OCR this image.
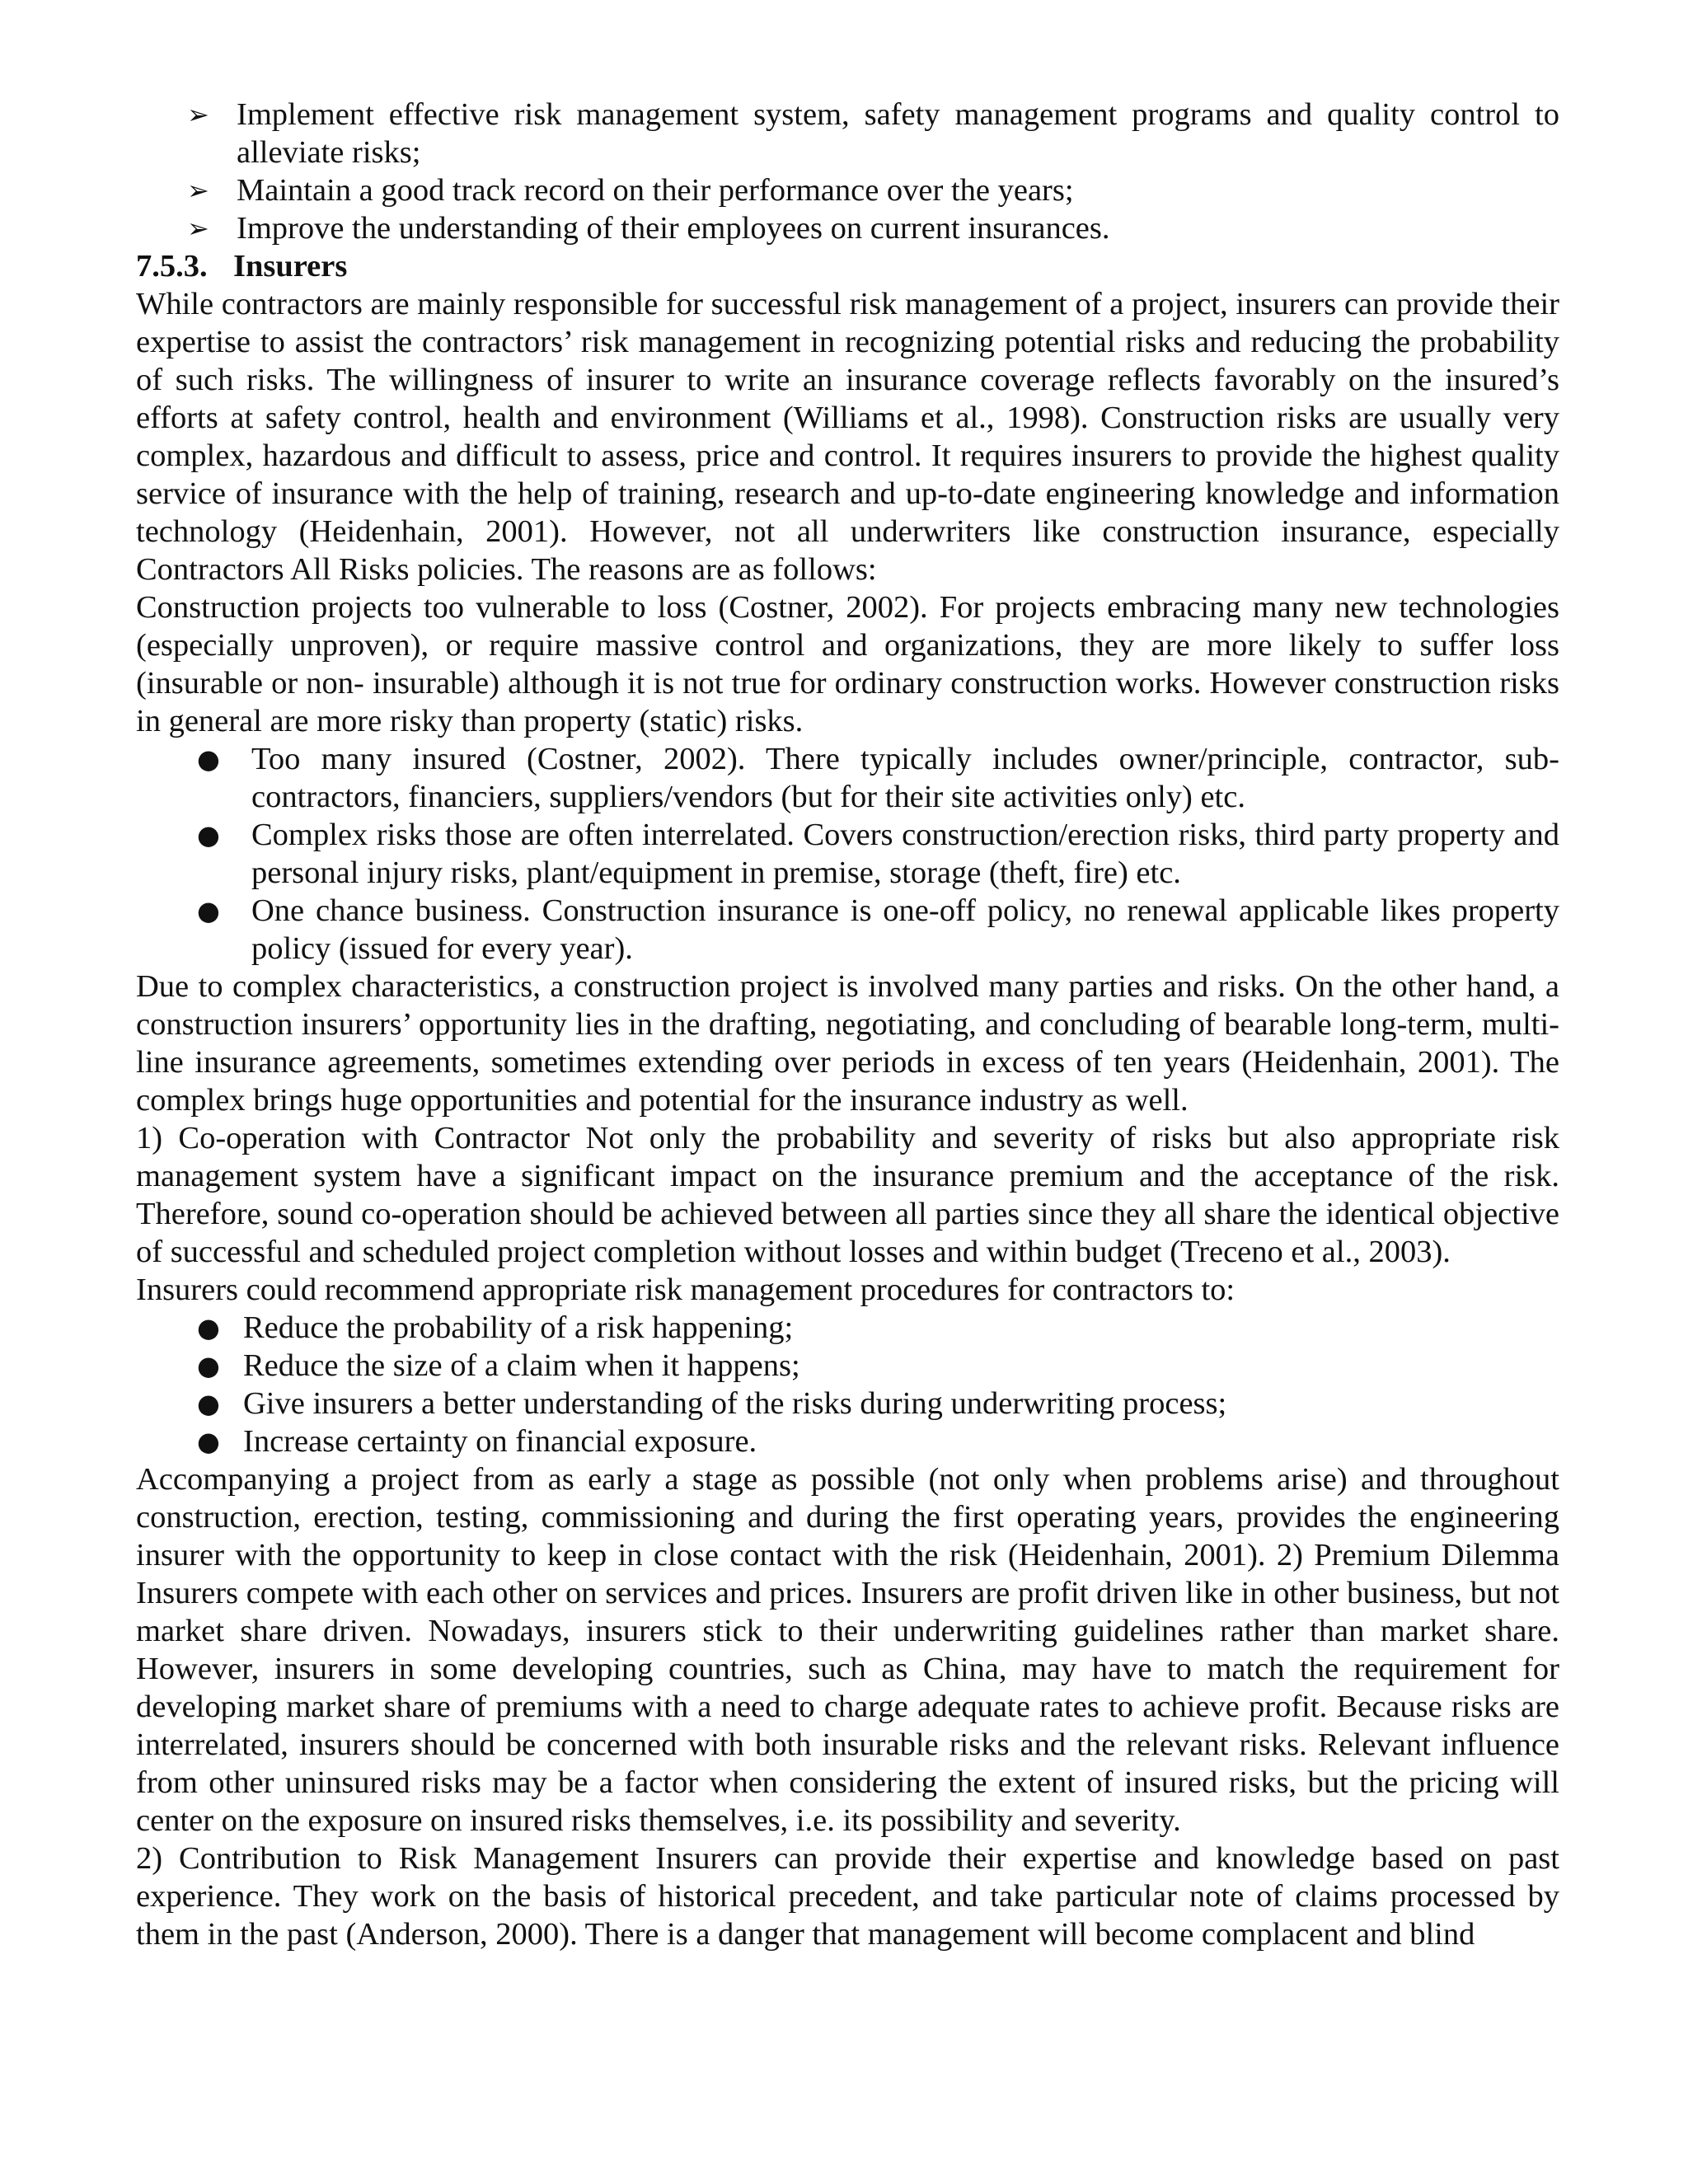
➢ Implement effective risk management system, safety management programs and quality control to alleviate risks;
➢ Maintain a good track record on their performance over the years;
➢ Improve the understanding of their employees on current insurances.
7.5.3. Insurers

While contractors are mainly responsible for successful risk management of a project, insurers can provide their expertise to assist the contractors’ risk management in recognizing potential risks and reducing the probability of such risks. The willingness of insurer to write an insurance coverage reflects favorably on the insured’s efforts at safety control, health and environment (Williams et al., 1998). Construction risks are usually very complex, hazardous and difficult to assess, price and control. It requires insurers to provide the highest quality service of insurance with the help of training, research and up-to-date engineering knowledge and information technology (Heidenhain, 2001). However, not all underwriters like construction insurance, especially Contractors All Risks policies. The reasons are as follows:

Construction projects too vulnerable to loss (Costner, 2002). For projects embracing many new technologies (especially unproven), or require massive control and organizations, they are more likely to suffer loss (insurable or non- insurable) although it is not true for ordinary construction works. However construction risks in general are more risky than property (static) risks.

● Too many insured (Costner, 2002). There typically includes owner/principle, contractor, sub-contractors, financiers, suppliers/vendors (but for their site activities only) etc.
● Complex risks those are often interrelated. Covers construction/erection risks, third party property and personal injury risks, plant/equipment in premise, storage (theft, fire) etc.
● One chance business. Construction insurance is one-off policy, no renewal applicable likes property policy (issued for every year).

Due to complex characteristics, a construction project is involved many parties and risks. On the other hand, a construction insurers’ opportunity lies in the drafting, negotiating, and concluding of bearable long-term, multi-line insurance agreements, sometimes extending over periods in excess of ten years (Heidenhain, 2001). The complex brings huge opportunities and potential for the insurance industry as well.

1) Co-operation with Contractor Not only the probability and severity of risks but also appropriate risk management system have a significant impact on the insurance premium and the acceptance of the risk. Therefore, sound co-operation should be achieved between all parties since they all share the identical objective of successful and scheduled project completion without losses and within budget (Treceno et al., 2003).

Insurers could recommend appropriate risk management procedures for contractors to:

● Reduce the probability of a risk happening;
● Reduce the size of a claim when it happens;
● Give insurers a better understanding of the risks during underwriting process;
● Increase certainty on financial exposure.

Accompanying a project from as early a stage as possible (not only when problems arise) and throughout construction, erection, testing, commissioning and during the first operating years, provides the engineering insurer with the opportunity to keep in close contact with the risk (Heidenhain, 2001). 2) Premium Dilemma Insurers compete with each other on services and prices. Insurers are profit driven like in other business, but not market share driven. Nowadays, insurers stick to their underwriting guidelines rather than market share. However, insurers in some developing countries, such as China, may have to match the requirement for developing market share of premiums with a need to charge adequate rates to achieve profit. Because risks are interrelated, insurers should be concerned with both insurable risks and the relevant risks. Relevant influence from other uninsured risks may be a factor when considering the extent of insured risks, but the pricing will center on the exposure on insured risks themselves, i.e. its possibility and severity.

2) Contribution to Risk Management Insurers can provide their expertise and knowledge based on past experience. They work on the basis of historical precedent, and take particular note of claims processed by them in the past (Anderson, 2000). There is a danger that management will become complacent and blind
